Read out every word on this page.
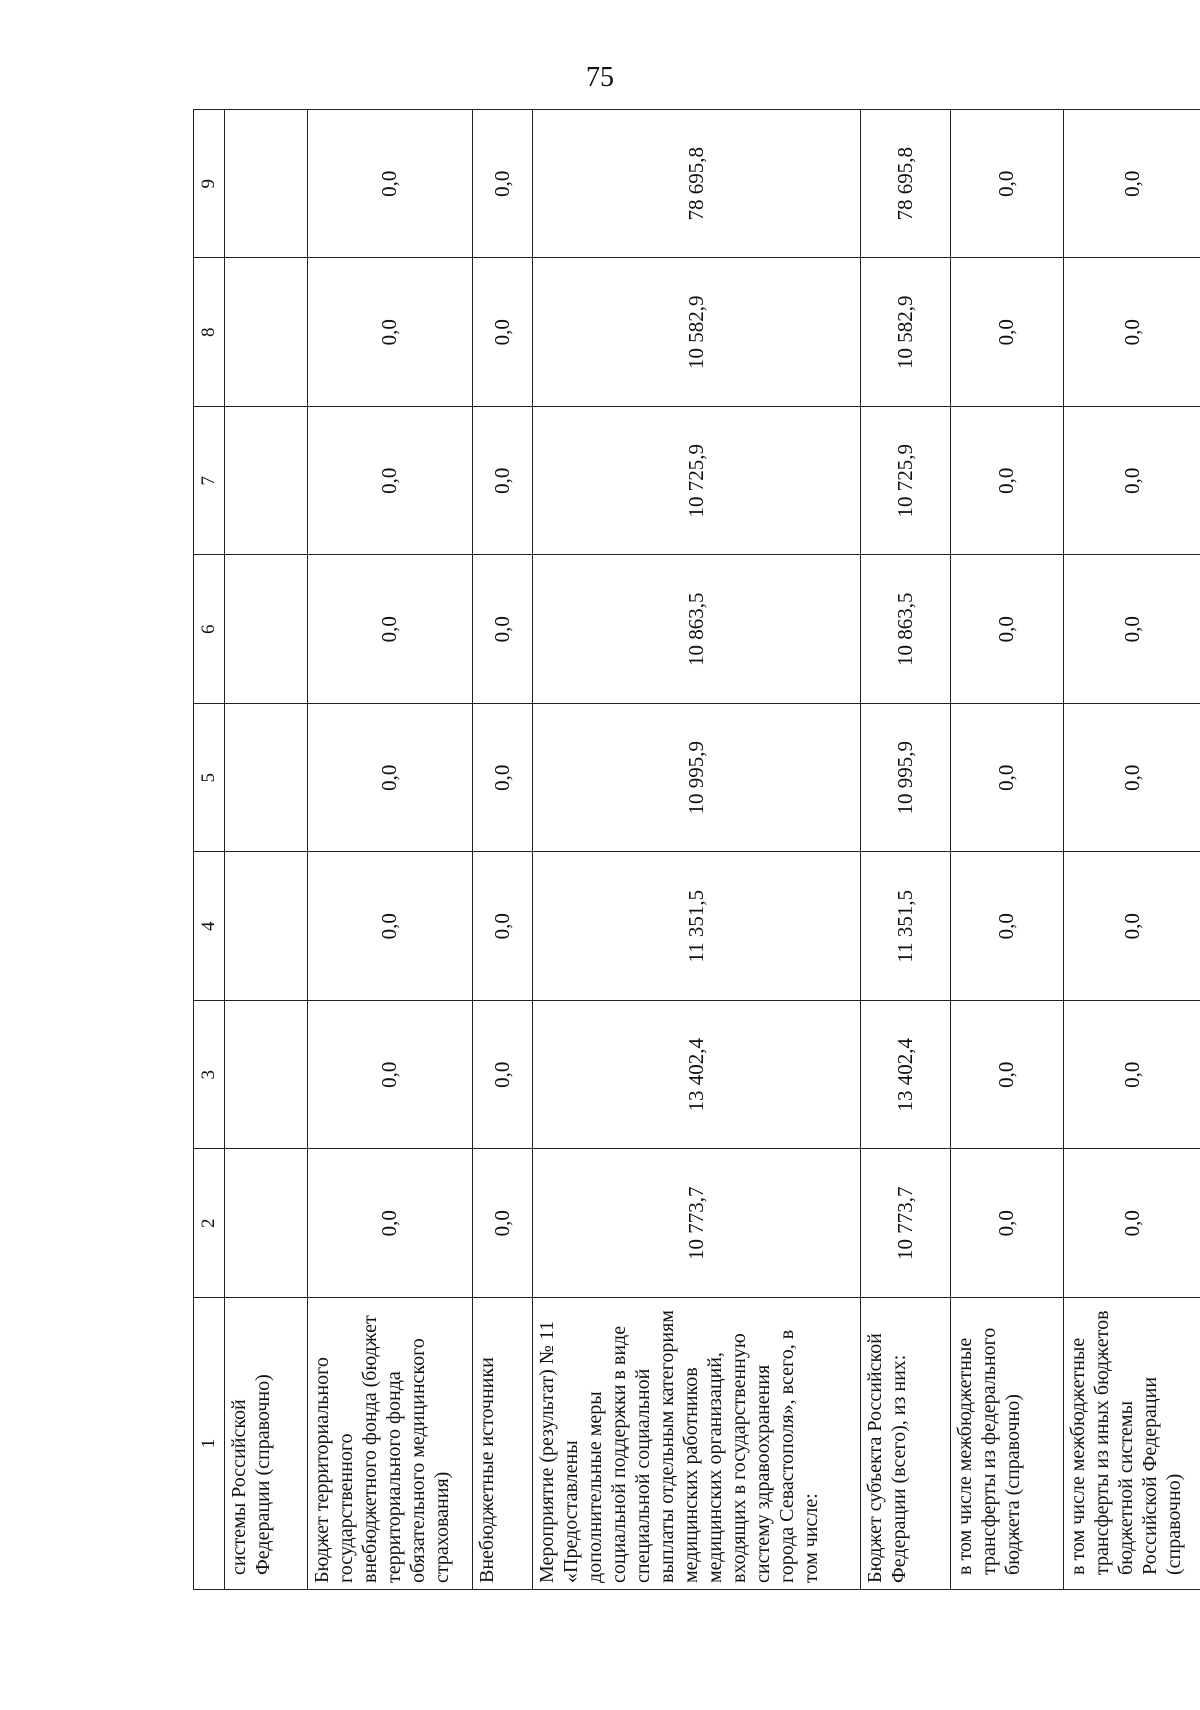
75
1	2	3	4	5	6	7	8	9
системы Российской Федерации (справочно)								
Бюджет территориального государственного внебюджетного фонда (бюджет территориального фонда обязательного медицинского страхования)	0,0	0,0	0,0	0,0	0,0	0,0	0,0	0,0
Внебюджетные источники	0,0	0,0	0,0	0,0	0,0	0,0	0,0	0,0
Мероприятие (результат) № 11 «Предоставлены дополнительные меры социальной поддержки в виде специальной социальной выплаты отдельным категориям медицинских работников медицинских организаций, входящих в государственную систему здравоохранения города Севастополя», всего, в том числе:	10 773,7	13 402,4	11 351,5	10 995,9	10 863,5	10 725,9	10 582,9	78 695,8
Бюджет субъекта Российской Федерации (всего), из них:	10 773,7	13 402,4	11 351,5	10 995,9	10 863,5	10 725,9	10 582,9	78 695,8
в том числе межбюджетные трансферты из федерального бюджета (справочно)	0,0	0,0	0,0	0,0	0,0	0,0	0,0	0,0
в том числе межбюджетные трансферты из иных бюджетов бюджетной системы Российской Федерации (справочно)	0,0	0,0	0,0	0,0	0,0	0,0	0,0	0,0
